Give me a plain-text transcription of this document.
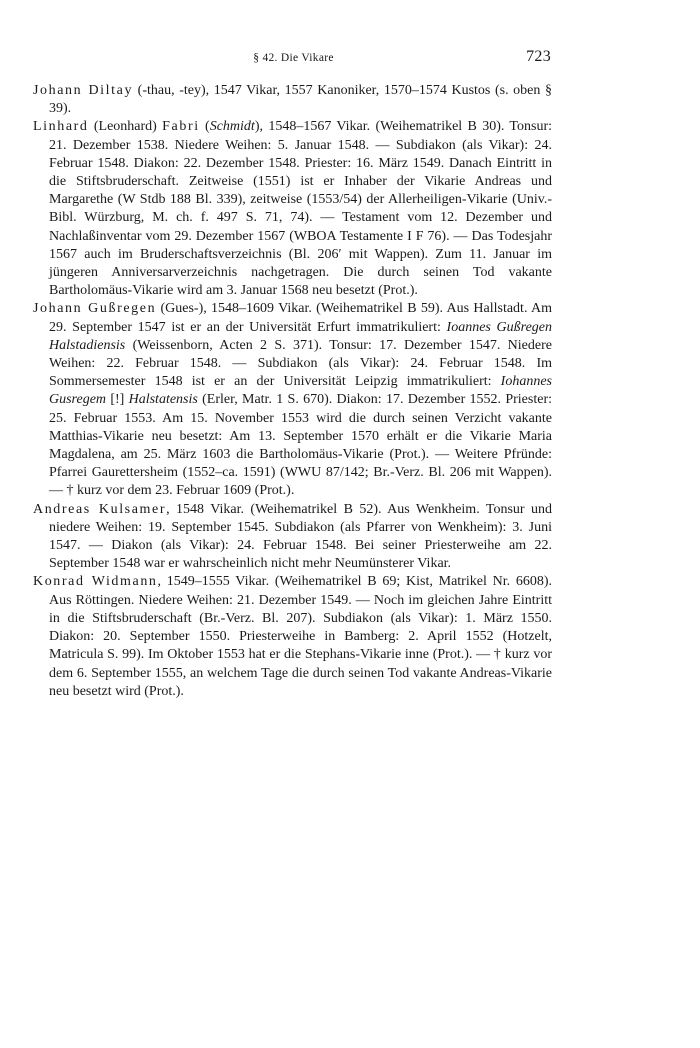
§ 42. Die Vikare	723

Johann Diltay (-thau, -tey), 1547 Vikar, 1557 Kanoniker, 1570–1574 Kustos (s. oben § 39).

Linhard (Leonhard) Fabri (Schmidt), 1548–1567 Vikar. (Weihematrikel B 30). Tonsur: 21. Dezember 1538. Niedere Weihen: 5. Januar 1548. — Subdiakon (als Vikar): 24. Februar 1548. Diakon: 22. Dezember 1548. Priester: 16. März 1549. Danach Eintritt in die Stiftsbruderschaft. Zeitweise (1551) ist er Inhaber der Vikarie Andreas und Margarethe (W Stdb 188 Bl. 339), zeitweise (1553/54) der Allerheiligen-Vikarie (Univ.-Bibl. Würzburg, M. ch. f. 497 S. 71, 74). — Testament vom 12. Dezember und Nachlaßinventar vom 29. Dezember 1567 (WBOA Testamente I F 76). — Das Todesjahr 1567 auch im Bruderschaftsverzeichnis (Bl. 206′ mit Wappen). Zum 11. Januar im jüngeren Anniversarverzeichnis nachgetragen. Die durch seinen Tod vakante Bartholomäus-Vikarie wird am 3. Januar 1568 neu besetzt (Prot.).

Johann Gußregen (Gues-), 1548–1609 Vikar. (Weihematrikel B 59). Aus Hallstadt. Am 29. September 1547 ist er an der Universität Erfurt immatrikuliert: Ioannes Gußregen Halstadiensis (Weissenborn, Acten 2 S. 371). Tonsur: 17. Dezember 1547. Niedere Weihen: 22. Februar 1548. — Subdiakon (als Vikar): 24. Februar 1548. Im Sommersemester 1548 ist er an der Universität Leipzig immatrikuliert: Iohannes Gusregem [!] Halstatensis (Erler, Matr. 1 S. 670). Diakon: 17. Dezember 1552. Priester: 25. Februar 1553. Am 15. November 1553 wird die durch seinen Verzicht vakante Matthias-Vikarie neu besetzt: Am 13. September 1570 erhält er die Vikarie Maria Magdalena, am 25. März 1603 die Bartholomäus-Vikarie (Prot.). — Weitere Pfründe: Pfarrei Gaurettersheim (1552–ca. 1591) (WWU 87/142; Br.-Verz. Bl. 206 mit Wappen). — † kurz vor dem 23. Februar 1609 (Prot.).

Andreas Kulsamer, 1548 Vikar. (Weihematrikel B 52). Aus Wenkheim. Tonsur und niedere Weihen: 19. September 1545. Subdiakon (als Pfarrer von Wenkheim): 3. Juni 1547. — Diakon (als Vikar): 24. Februar 1548. Bei seiner Priesterweihe am 22. September 1548 war er wahrscheinlich nicht mehr Neumünsterer Vikar.

Konrad Widmann, 1549–1555 Vikar. (Weihematrikel B 69; Kist, Matrikel Nr. 6608). Aus Röttingen. Niedere Weihen: 21. Dezember 1549. — Noch im gleichen Jahre Eintritt in die Stiftsbruderschaft (Br.-Verz. Bl. 207). Subdiakon (als Vikar): 1. März 1550. Diakon: 20. September 1550. Priesterweihe in Bamberg: 2. April 1552 (Hotzelt, Matricula S. 99). Im Oktober 1553 hat er die Stephans-Vikarie inne (Prot.). — † kurz vor dem 6. September 1555, an welchem Tage die durch seinen Tod vakante Andreas-Vikarie neu besetzt wird (Prot.).
